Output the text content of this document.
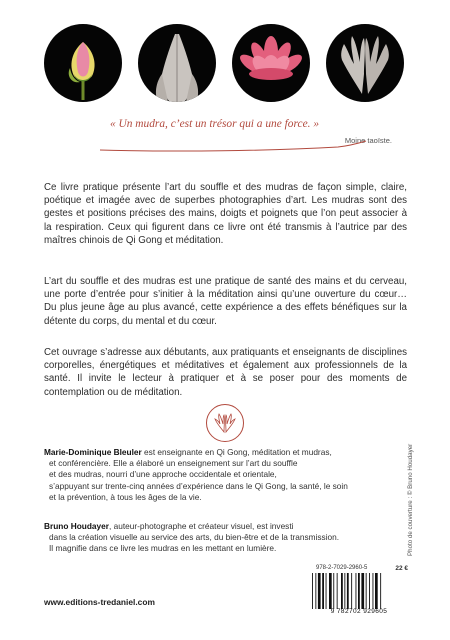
« Un mudra, c’est un trésor qui a une force. »
Moine taoïste.

Ce livre pratique présente l’art du souffle et des mudras de façon simple, claire, poétique et imagée avec de superbes photographies d’art. Les mudras sont des gestes et positions précises des mains, doigts et poignets que l’on peut associer à la respiration. Ceux qui figurent dans ce livre ont été transmis à l’autrice par des maîtres chinois de Qi Gong et méditation.

L’art du souffle et des mudras est une pratique de santé des mains et du cerveau, une porte d’entrée pour s’initier à la méditation ainsi qu’une ouverture du cœur… Du plus jeune âge au plus avancé, cette expérience a des effets bénéfiques sur la détente du corps, du mental et du cœur.

Cet ouvrage s’adresse aux débutants, aux pratiquants et enseignants de disciplines corporelles, énergétiques et méditatives et également aux professionnels de la santé. Il invite le lecteur à pratiquer et à se poser pour des moments de contemplation ou de méditation.

Marie-Dominique Bleuler est enseignante en Qi Gong, méditation et mudras,
et conférencière. Elle a élaboré un enseignement sur l’art du souffle
et des mudras, nourri d’une approche occidentale et orientale,
s’appuyant sur trente-cinq années d’expérience dans le Qi Gong, la santé, le soin
et la prévention, à tous les âges de la vie.
Bruno Houdayer, auteur-photographe et créateur visuel, est investi
dans la création visuelle au service des arts, du bien-être et de la transmission.
Il magnifie dans ce livre les mudras en les mettant en lumière.
978-2-7029-2960-5	22 €
9 782702 929605
Photo de couverture : © Bruno Houdayer
www.editions-tredaniel.com
